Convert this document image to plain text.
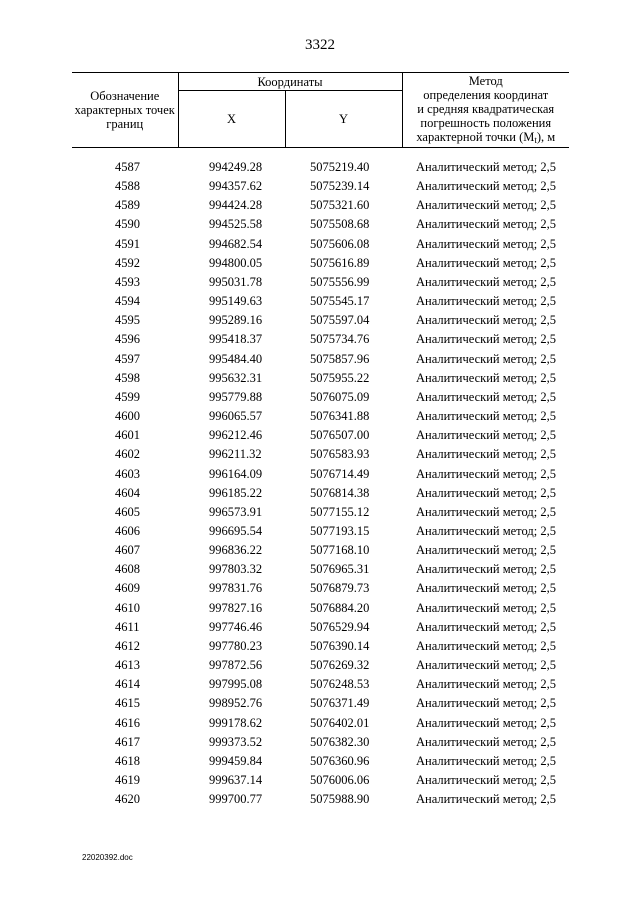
3322
Обозначение характерных точек границ	Координаты		Метод
определения координат
и средняя квадратическая
погрешность положения
характерной точки $(M_t)$, м

	X	Y	
4587	994249.28	5075219.40	Аналитический метод; 2,5
4588	994357.62	5075239.14	Аналитический метод; 2,5
4589	994424.28	5075321.60	Аналитический метод; 2,5
4590	994525.58	5075508.68	Аналитический метод; 2,5
4591	994682.54	5075606.08	Аналитический метод; 2,5
4592	994800.05	5075616.89	Аналитический метод; 2,5
4593	995031.78	5075556.99	Аналитический метод; 2,5
4594	995149.63	5075545.17	Аналитический метод; 2,5
4595	995289.16	5075597.04	Аналитический метод; 2,5
4596	995418.37	5075734.76	Аналитический метод; 2,5
4597	995484.40	5075857.96	Аналитический метод; 2,5
4598	995632.31	5075955.22	Аналитический метод; 2,5
4599	995779.88	5076075.09	Аналитический метод; 2,5
4600	996065.57	5076341.88	Аналитический метод; 2,5
4601	996212.46	5076507.00	Аналитический метод; 2,5
4602	996211.32	5076583.93	Аналитический метод; 2,5
4603	996164.09	5076714.49	Аналитический метод; 2,5
4604	996185.22	5076814.38	Аналитический метод; 2,5
4605	996573.91	5077155.12	Аналитический метод; 2,5
4606	996695.54	5077193.15	Аналитический метод; 2,5
4607	996836.22	5077168.10	Аналитический метод; 2,5
4608	997803.32	5076965.31	Аналитический метод; 2,5
4609	997831.76	5076879.73	Аналитический метод; 2,5
4610	997827.16	5076884.20	Аналитический метод; 2,5
4611	997746.46	5076529.94	Аналитический метод; 2,5
4612	997780.23	5076390.14	Аналитический метод; 2,5
4613	997872.56	5076269.32	Аналитический метод; 2,5
4614	997995.08	5076248.53	Аналитический метод; 2,5
4615	998952.76	5076371.49	Аналитический метод; 2,5
4616	999178.62	5076402.01	Аналитический метод; 2,5
4617	999373.52	5076382.30	Аналитический метод; 2,5
4618	999459.84	5076360.96	Аналитический метод; 2,5
4619	999637.14	5076006.06	Аналитический метод; 2,5
4620	999700.77	5075988.90	Аналитический метод; 2,5
22020392.doc
